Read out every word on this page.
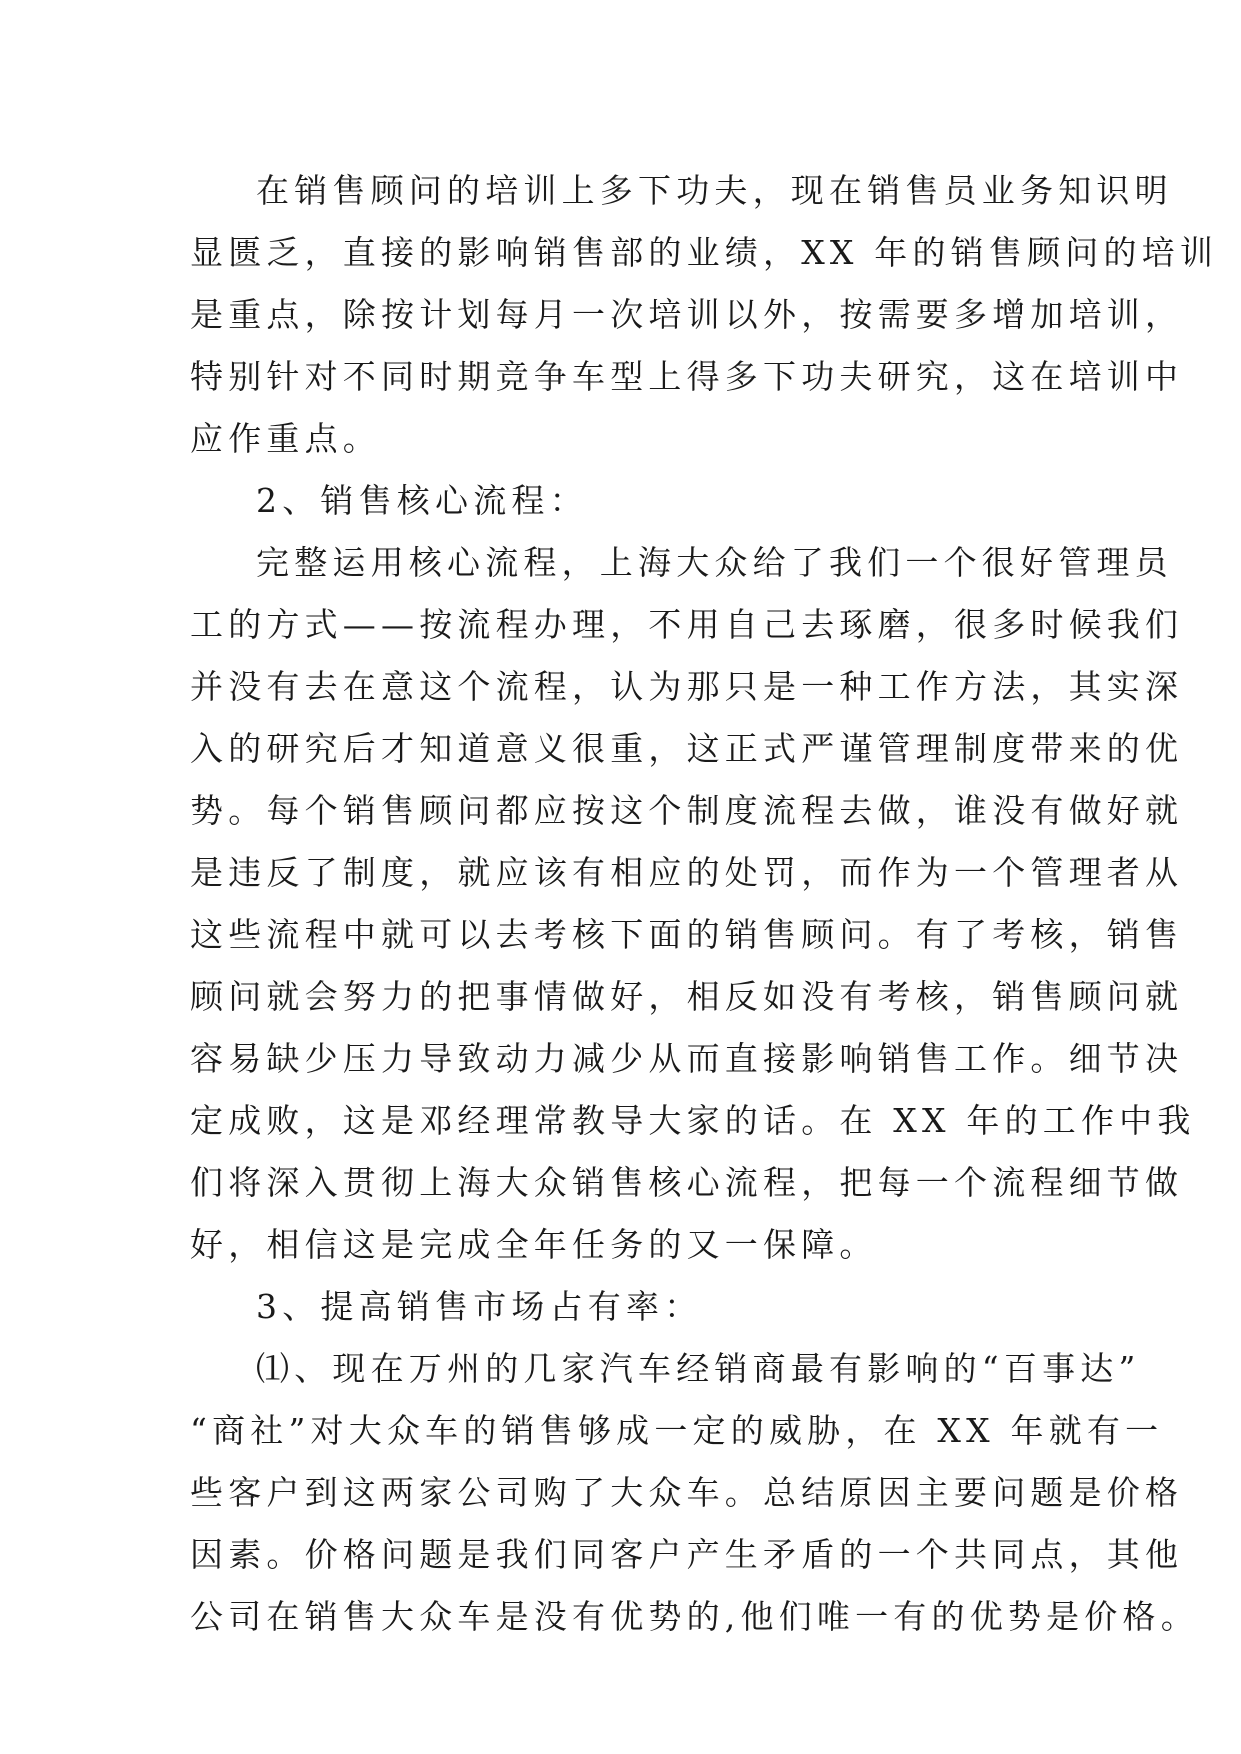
在销售顾问的培训上多下功夫，现在销售员业务知识明
显匮乏，直接的影响销售部的业绩，XX 年的销售顾问的培训
是重点，除按计划每月一次培训以外，按需要多增加培训，
特别针对不同时期竞争车型上得多下功夫研究，这在培训中
应作重点。
2、销售核心流程：
完整运用核心流程，上海大众给了我们一个很好管理员
工的方式——按流程办理，不用自己去琢磨，很多时候我们
并没有去在意这个流程，认为那只是一种工作方法，其实深
入的研究后才知道意义很重，这正式严谨管理制度带来的优
势。每个销售顾问都应按这个制度流程去做，谁没有做好就
是违反了制度，就应该有相应的处罚，而作为一个管理者从
这些流程中就可以去考核下面的销售顾问。有了考核，销售
顾问就会努力的把事情做好，相反如没有考核，销售顾问就
容易缺少压力导致动力减少从而直接影响销售工作。细节决
定成败，这是邓经理常教导大家的话。在 XX 年的工作中我
们将深入贯彻上海大众销售核心流程，把每一个流程细节做
好，相信这是完成全年任务的又一保障。
3、提高销售市场占有率：
⑴、现在万州的几家汽车经销商最有影响的“百事达”
“商社”对大众车的销售够成一定的威胁，在 XX 年就有一
些客户到这两家公司购了大众车。总结原因主要问题是价格
因素。价格问题是我们同客户产生矛盾的一个共同点，其他
公司在销售大众车是没有优势的,他们唯一有的优势是价格。
